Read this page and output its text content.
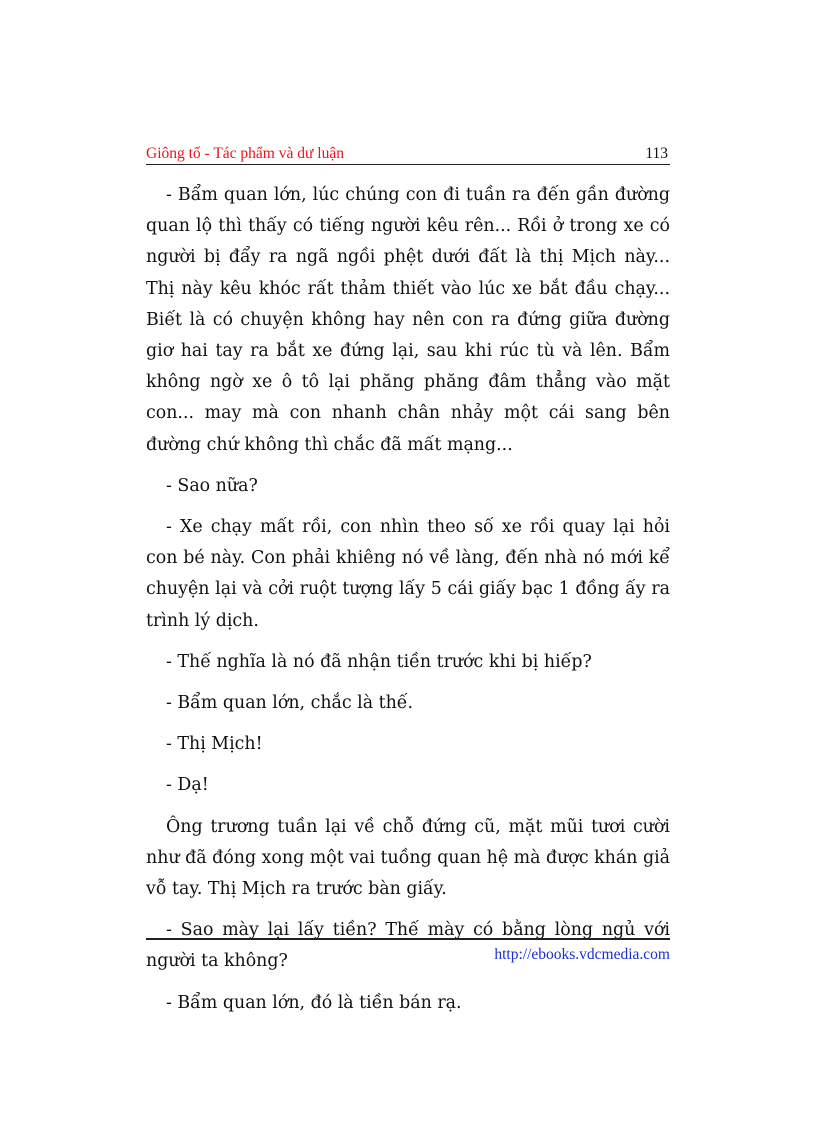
Giông tố - Tác phẩm và dư luận	113

- Bẩm quan lớn, lúc chúng con đi tuần ra đến gần đường quan lộ thì thấy có tiếng người kêu rên... Rồi ở trong xe có người bị đẩy ra ngã ngồi phệt dưới đất là thị Mịch này... Thị này kêu khóc rất thảm thiết vào lúc xe bắt đầu chạy... Biết là có chuyện không hay nên con ra đứng giữa đường giơ hai tay ra bắt xe đứng lại, sau khi rúc tù và lên. Bẩm không ngờ xe ô tô lại phăng phăng đâm thẳng vào mặt con... may mà con nhanh chân nhảy một cái sang bên đường chứ không thì chắc đã mất mạng...

- Sao nữa?

- Xe chạy mất rồi, con nhìn theo số xe rồi quay lại hỏi con bé này. Con phải khiêng nó về làng, đến nhà nó mới kể chuyện lại và cởi ruột tượng lấy 5 cái giấy bạc 1 đồng ấy ra trình lý dịch.

- Thế nghĩa là nó đã nhận tiền trước khi bị hiếp?

- Bẩm quan lớn, chắc là thế.

- Thị Mịch!

- Dạ!

Ông trương tuần lại về chỗ đứng cũ, mặt mũi tươi cười như đã đóng xong một vai tuồng quan hệ mà được khán giả vỗ tay. Thị Mịch ra trước bàn giấy.

- Sao mày lại lấy tiền? Thế mày có bằng lòng ngủ với người ta không?

- Bẩm quan lớn, đó là tiền bán rạ.

http://ebooks.vdcmedia.com
